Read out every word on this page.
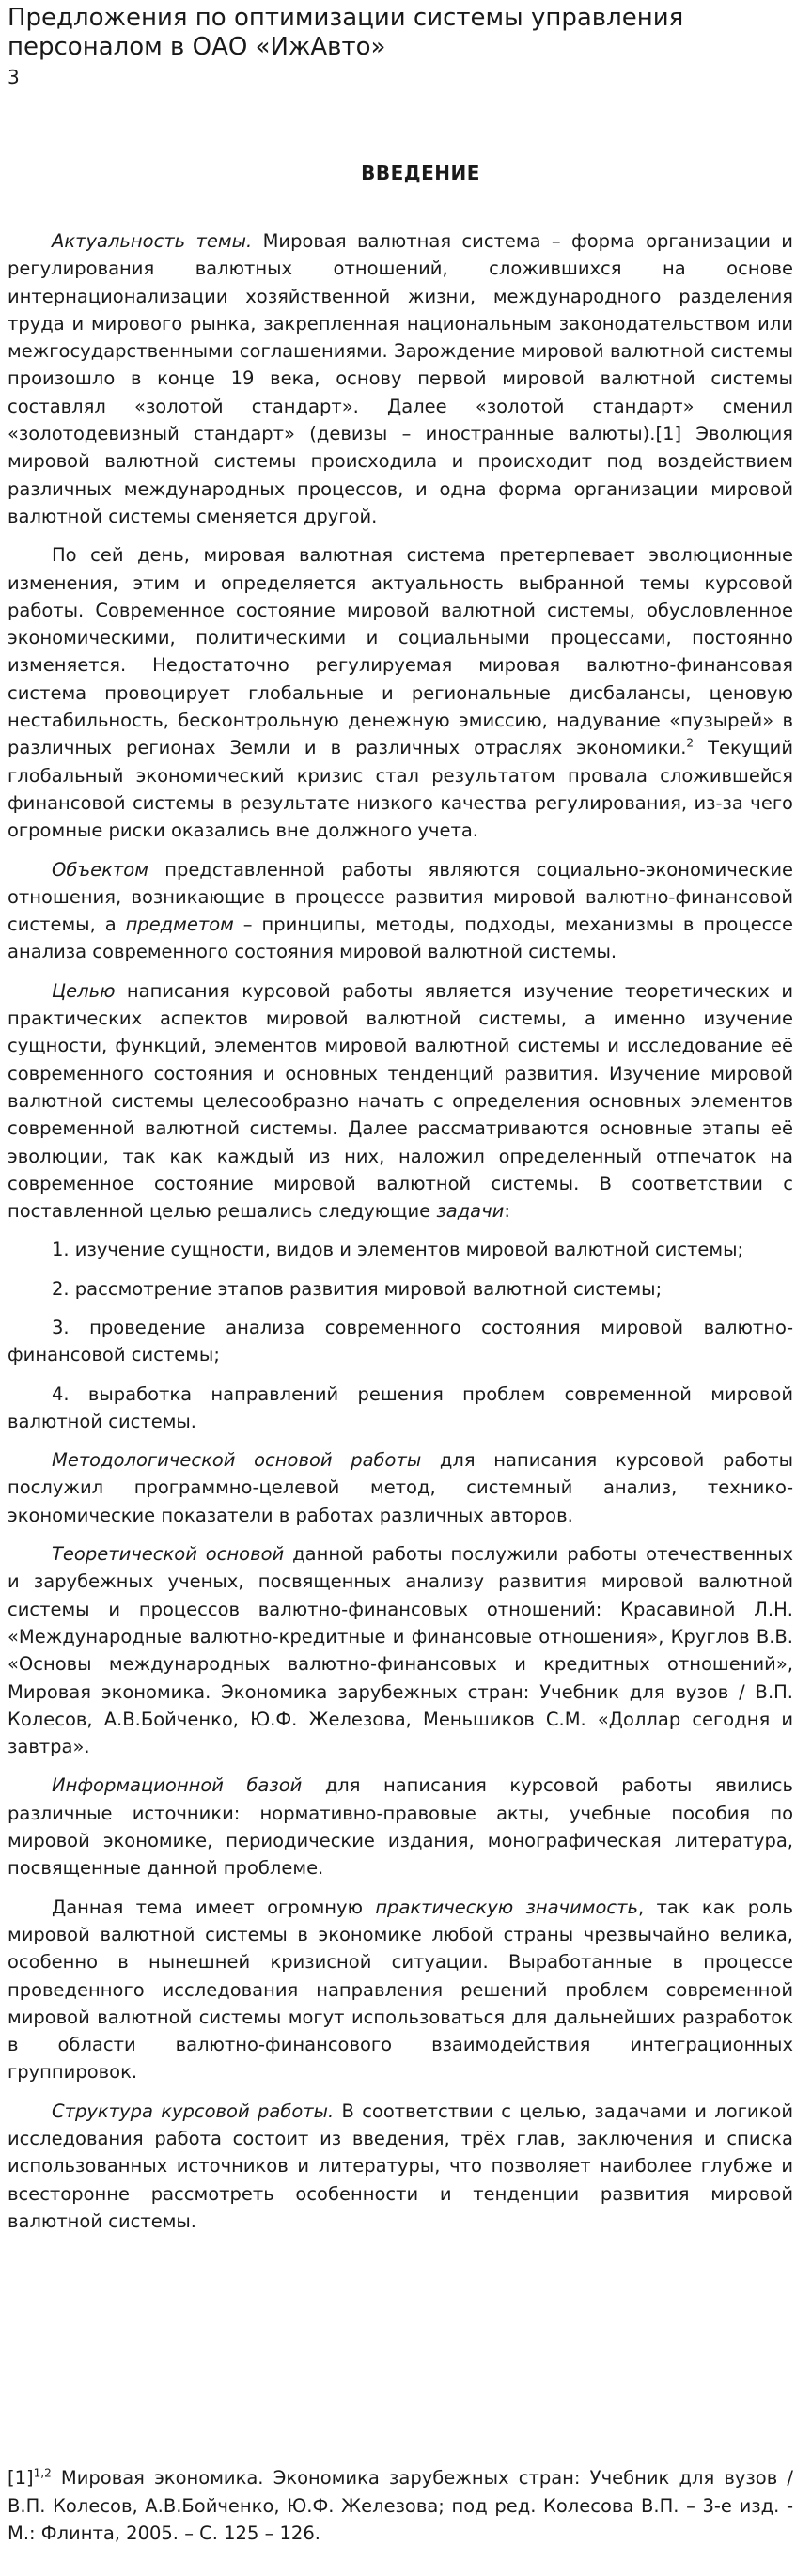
Предложения по оптимизации системы управления персоналом в ОАО «ИжАвто»
3
ВВЕДЕНИЕ

Актуальность темы. Мировая валютная система – форма организации и регулирования валютных отношений, сложившихся на основе интернационализации хозяйственной жизни, международного разделения труда и мирового рынка, закрепленная национальным законодательством или межгосударственными соглашениями. Зарождение мировой валютной системы произошло в конце 19 века, основу первой мировой валютной системы составлял «золотой стандарт». Далее «золотой стандарт» сменил «золотодевизный стандарт» (девизы – иностранные валюты).[1] Эволюция мировой валютной системы происходила и происходит под воздействием различных международных процессов, и одна форма организации мировой валютной системы сменяется другой.

По сей день, мировая валютная система претерпевает эволюционные изменения, этим и определяется актуальность выбранной темы курсовой работы. Современное состояние мировой валютной системы, обусловленное экономическими, политическими и социальными процессами, постоянно изменяется. Недостаточно регулируемая мировая валютно-финансовая система провоцирует глобальные и региональные дисбалансы, ценовую нестабильность, бесконтрольную денежную эмиссию, надувание «пузырей» в различных регионах Земли и в различных отраслях экономики.$^2$ Текущий глобальный экономический кризис стал результатом провала сложившейся финансовой системы в результате низкого качества регулирования, из-за чего огромные риски оказались вне должного учета.

Объектом представленной работы являются социально-экономические отношения, возникающие в процессе развития мировой валютно-финансовой системы, а предметом – принципы, методы, подходы, механизмы в процессе анализа современного состояния мировой валютной системы.

Целью написания курсовой работы является изучение теоретических и практических аспектов мировой валютной системы, а именно изучение сущности, функций, элементов мировой валютной системы и исследование её современного состояния и основных тенденций развития. Изучение мировой валютной системы целесообразно начать с определения основных элементов современной валютной системы. Далее рассматриваются основные этапы её эволюции, так как каждый из них, наложил определенный отпечаток на современное состояние мировой валютной системы. В соответствии с поставленной целью решались следующие задачи:

1. изучение сущности, видов и элементов мировой валютной системы;

2. рассмотрение этапов развития мировой валютной системы;

3. проведение анализа современного состояния мировой валютно-финансовой системы;

4. выработка направлений решения проблем современной мировой валютной системы.

Методологической основой работы для написания курсовой работы послужил программно-целевой метод, системный анализ, технико-экономические показатели в работах различных авторов.

Теоретической основой данной работы послужили работы отечественных и зарубежных ученых, посвященных анализу развития мировой валютной системы и процессов валютно-финансовых отношений: Красавиной Л.Н. «Международные валютно-кредитные и финансовые отношения», Круглов В.В. «Основы международных валютно-финансовых и кредитных отношений», Мировая экономика. Экономика зарубежных стран: Учебник для вузов / В.П. Колесов, А.В.Бойченко, Ю.Ф. Железова, Меньшиков С.М. «Доллар сегодня и завтра».

Информационной базой для написания курсовой работы явились различные источники: нормативно-правовые акты, учебные пособия по мировой экономике, периодические издания, монографическая литература, посвященные данной проблеме.

Данная тема имеет огромную практическую значимость, так как роль мировой валютной системы в экономике любой страны чрезвычайно велика, особенно в нынешней кризисной ситуации. Выработанные в процессе проведенного исследования направления решений проблем современной мировой валютной системы могут использоваться для дальнейших разработок в области валютно-финансового взаимодействия интеграционных группировок.

Структура курсовой работы. В соответствии с целью, задачами и логикой исследования работа состоит из введения, трёх глав, заключения и списка использованных источников и литературы, что позволяет наиболее глубже и всесторонне рассмотреть особенности и тенденции развития мировой валютной системы.

[1]$^{1,2}$ Мировая экономика. Экономика зарубежных стран: Учебник для вузов / В.П. Колесов, А.В.Бойченко, Ю.Ф. Железова; под ред. Колесова В.П. – 3-е изд. - М.: Флинта, 2005. – С. 125 – 126.
